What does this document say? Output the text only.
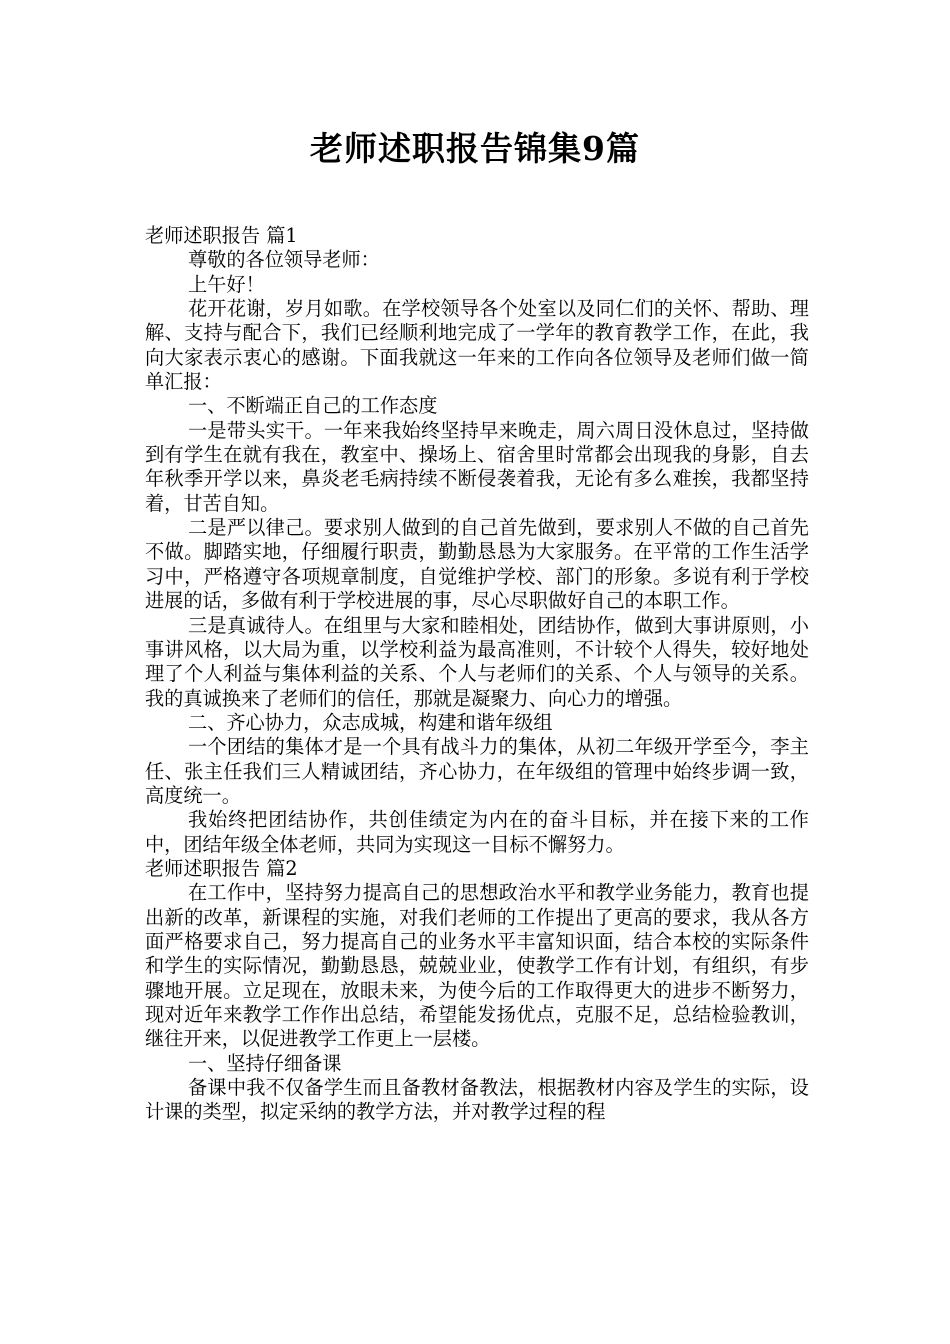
老师述职报告锦集9篇

老师述职报告 篇1

尊敬的各位领导老师：

上午好！

花开花谢，岁月如歌。在学校领导各个处室以及同仁们的关怀、帮助、理解、支持与配合下，我们已经顺利地完成了一学年的教育教学工作，在此，我向大家表示衷心的感谢。下面我就这一年来的工作向各位领导及老师们做一简单汇报：

一、不断端正自己的工作态度

一是带头实干。一年来我始终坚持早来晚走，周六周日没休息过，坚持做到有学生在就有我在，教室中、操场上、宿舍里时常都会出现我的身影，自去年秋季开学以来，鼻炎老毛病持续不断侵袭着我，无论有多么难挨，我都坚持着，甘苦自知。

二是严以律己。要求别人做到的自己首先做到，要求别人不做的自己首先不做。脚踏实地，仔细履行职责，勤勤恳恳为大家服务。在平常的工作生活学习中，严格遵守各项规章制度，自觉维护学校、部门的形象。多说有利于学校进展的话，多做有利于学校进展的事，尽心尽职做好自己的本职工作。

三是真诚待人。在组里与大家和睦相处，团结协作，做到大事讲原则，小事讲风格，以大局为重，以学校利益为最高准则，不计较个人得失，较好地处理了个人利益与集体利益的关系、个人与老师们的关系、个人与领导的关系。我的真诚换来了老师们的信任，那就是凝聚力、向心力的增强。

二、齐心协力，众志成城，构建和谐年级组

一个团结的集体才是一个具有战斗力的集体，从初二年级开学至今，李主任、张主任我们三人精诚团结，齐心协力，在年级组的管理中始终步调一致，高度统一。

我始终把团结协作，共创佳绩定为内在的奋斗目标，并在接下来的工作中，团结年级全体老师，共同为实现这一目标不懈努力。

老师述职报告 篇2

在工作中，坚持努力提高自己的思想政治水平和教学业务能力，教育也提出新的改革，新课程的实施，对我们老师的工作提出了更高的要求，我从各方面严格要求自己，努力提高自己的业务水平丰富知识面，结合本校的实际条件和学生的实际情况，勤勤恳恳，兢兢业业，使教学工作有计划，有组织，有步骤地开展。立足现在，放眼未来，为使今后的工作取得更大的进步不断努力，现对近年来教学工作作出总结，希望能发扬优点，克服不足，总结检验教训，继往开来，以促进教学工作更上一层楼。

一、坚持仔细备课

备课中我不仅备学生而且备教材备教法，根据教材内容及学生的实际，设计课的类型，拟定采纳的教学方法，并对教学过程的程
